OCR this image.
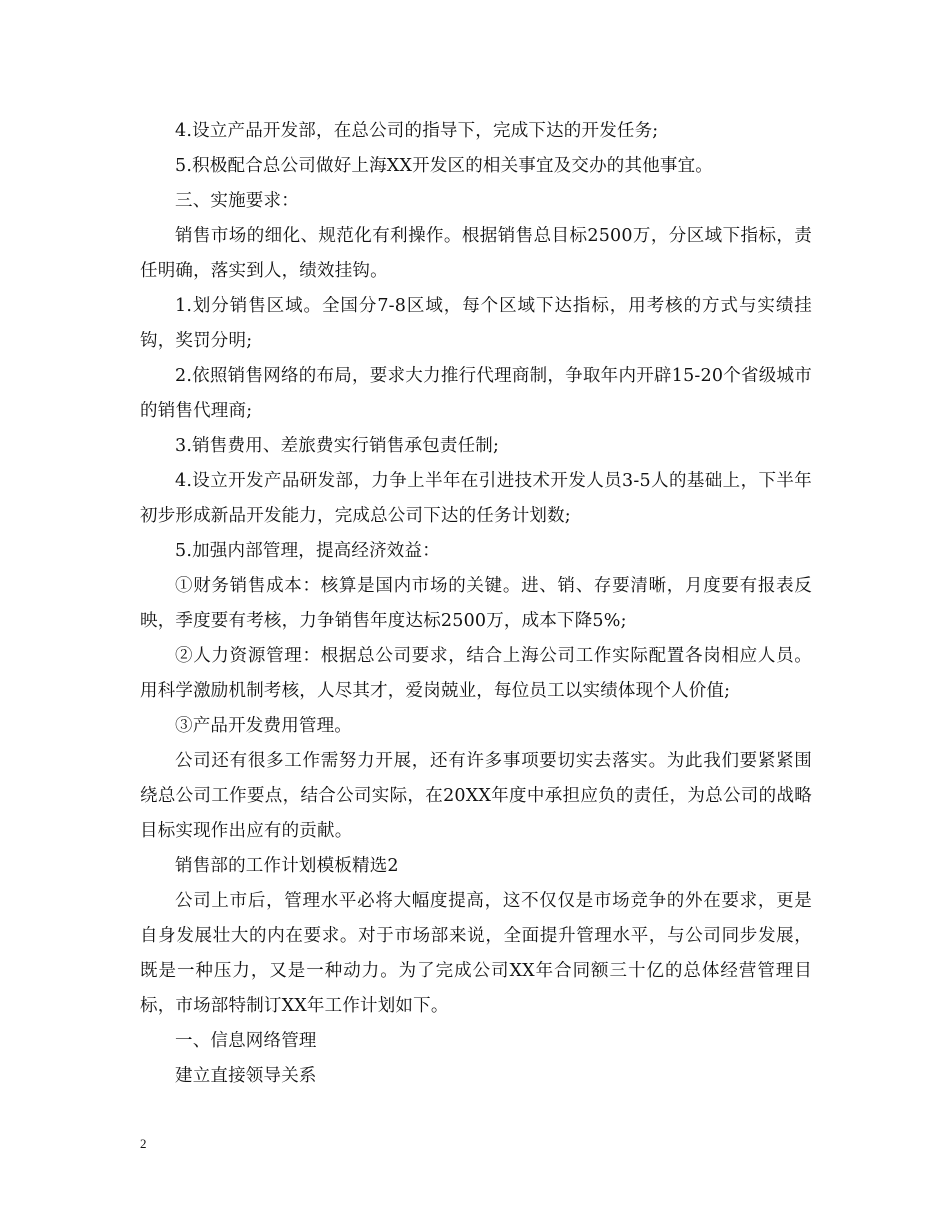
4.设立产品开发部，在总公司的指导下，完成下达的开发任务;

5.积极配合总公司做好上海XX开发区的相关事宜及交办的其他事宜。

三、实施要求：

销售市场的细化、规范化有利操作。根据销售总目标2500万，分区域下指标，责任明确，落实到人，绩效挂钩。

1.划分销售区域。全国分7-8区域，每个区域下达指标，用考核的方式与实绩挂钩，奖罚分明;

2.依照销售网络的布局，要求大力推行代理商制，争取年内开辟15-20个省级城市的销售代理商;

3.销售费用、差旅费实行销售承包责任制;

4.设立开发产品研发部，力争上半年在引进技术开发人员3-5人的基础上，下半年初步形成新品开发能力，完成总公司下达的任务计划数;

5.加强内部管理，提高经济效益：

①财务销售成本：核算是国内市场的关键。进、销、存要清晰，月度要有报表反映，季度要有考核，力争销售年度达标2500万，成本下降5%;

②人力资源管理：根据总公司要求，结合上海公司工作实际配置各岗相应人员。用科学激励机制考核，人尽其才，爱岗兢业，每位员工以实绩体现个人价值;

③产品开发费用管理。

公司还有很多工作需努力开展，还有许多事项要切实去落实。为此我们要紧紧围绕总公司工作要点，结合公司实际，在20XX年度中承担应负的责任，为总公司的战略目标实现作出应有的贡献。

销售部的工作计划模板精选2

公司上市后，管理水平必将大幅度提高，这不仅仅是市场竞争的外在要求，更是自身发展壮大的内在要求。对于市场部来说，全面提升管理水平，与公司同步发展，既是一种压力，又是一种动力。为了完成公司XX年合同额三十亿的总体经营管理目标，市场部特制订XX年工作计划如下。

一、信息网络管理

建立直接领导关系

2
